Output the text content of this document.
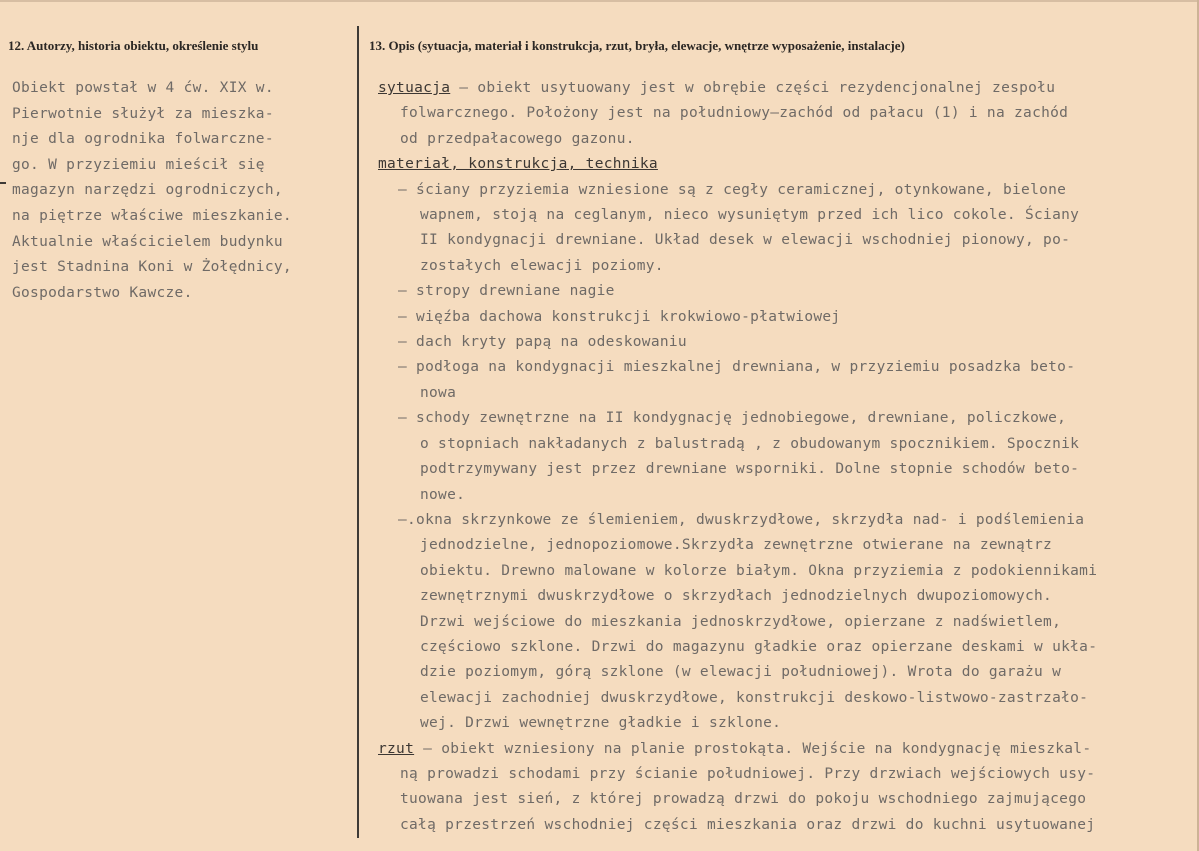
12. Autorzy, historia obiektu, określenie stylu	13. Opis (sytuacja, materiał i konstrukcja, rzut, bryła, elewacje, wnętrze wyposażenie, instalacje)
Obiekt powstał w 4 ćw. XIX w.
Pierwotnie służył za mieszka-
nje dla ogrodnika folwarczne-
go. W przyziemiu mieścił się
magazyn narzędzi ogrodniczych,
na piętrze właściwe mieszkanie.
Aktualnie właścicielem budynku
jest Stadnina Koni w Żołędnicy,
Gospodarstwo Kawcze.
sytuacja – obiekt usytuowany jest w obrębie części rezydencjonalnej zespołu
folwarcznego. Położony jest na południowy–zachód od pałacu (1) i na zachód
od przedpałacowego gazonu.
materiał, konstrukcja, technika
– ściany przyziemia wzniesione są z cegły ceramicznej, otynkowane, bielone
wapnem, stoją na ceglanym, nieco wysuniętym przed ich lico cokole. Ściany
II kondygnacji drewniane. Układ desek w elewacji wschodniej pionowy, po-
zostałych elewacji poziomy.
– stropy drewniane nagie
– więźba dachowa konstrukcji krokwiowo-płatwiowej
– dach kryty papą na odeskowaniu
– podłoga na kondygnacji mieszkalnej drewniana, w przyziemiu posadzka beto-
nowa
– schody zewnętrzne na II kondygnację jednobiegowe, drewniane, policzkowe,
o stopniach nakładanych z balustradą , z obudowanym spocznikiem. Spocznik
podtrzymywany jest przez drewniane wsporniki. Dolne stopnie schodów beto-
nowe.
–.okna skrzynkowe ze ślemieniem, dwuskrzydłowe, skrzydła nad- i podślemienia
jednodzielne, jednopoziomowe.Skrzydła zewnętrzne otwierane na zewnątrz
obiektu. Drewno malowane w kolorze białym. Okna przyziemia z podokiennikami
zewnętrznymi dwuskrzydłowe o skrzydłach jednodzielnych dwupoziomowych.
Drzwi wejściowe do mieszkania jednoskrzydłowe, opierzane z nadświetlem,
częściowo szklone. Drzwi do magazynu gładkie oraz opierzane deskami w ukła-
dzie poziomym, górą szklone (w elewacji południowej). Wrota do garażu w
elewacji zachodniej dwuskrzydłowe, konstrukcji deskowo-listwowo-zastrzało-
wej. Drzwi wewnętrzne gładkie i szklone.
rzut – obiekt wzniesiony na planie prostokąta. Wejście na kondygnację mieszkal-
ną prowadzi schodami przy ścianie południowej. Przy drzwiach wejściowych usy-
tuowana jest sień, z której prowadzą drzwi do pokoju wschodniego zajmującego
całą przestrzeń wschodniej części mieszkania oraz drzwi do kuchni usytuowanej
